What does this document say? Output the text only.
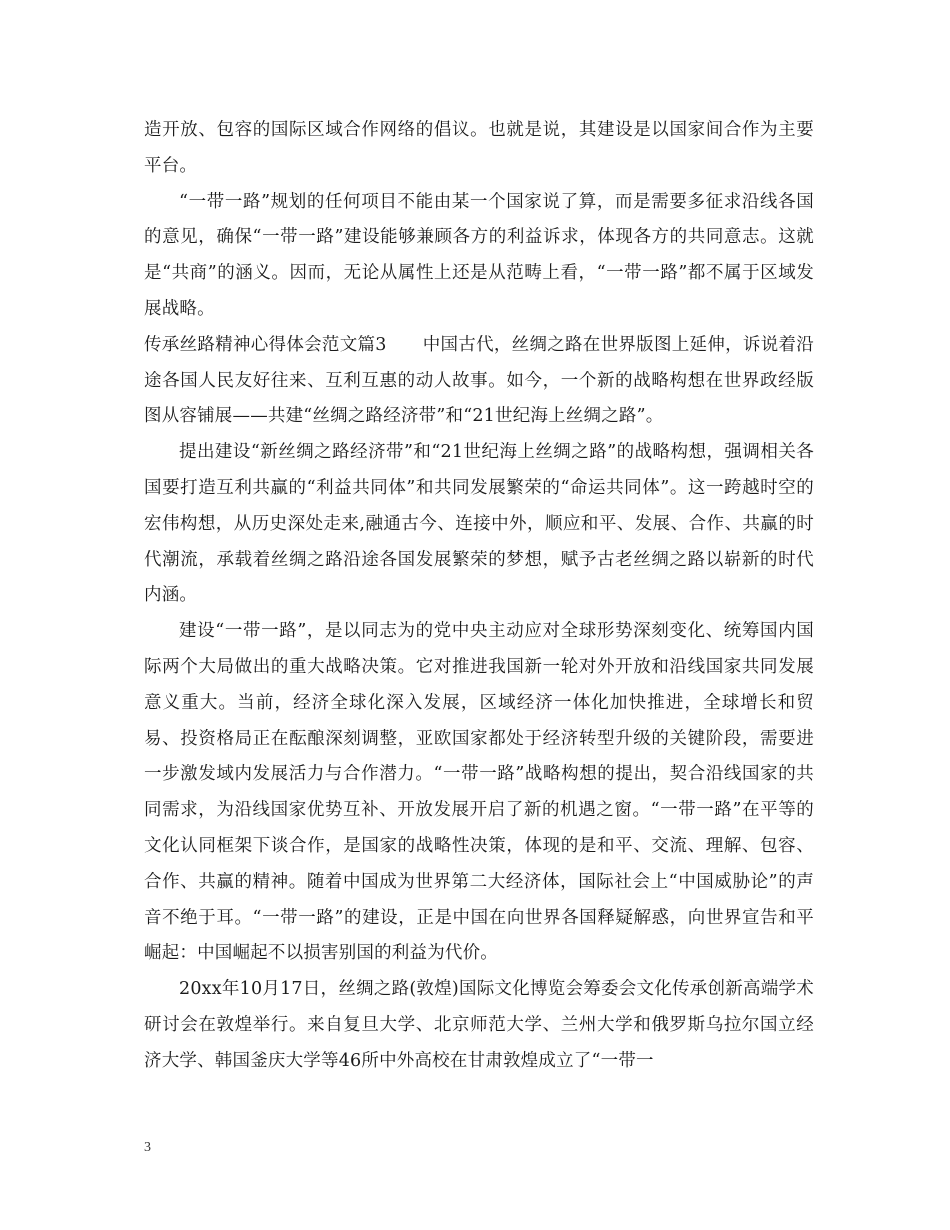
造开放、包容的国际区域合作网络的倡议。也就是说，其建设是以国家间合作为主要平台。

“一带一路”规划的任何项目不能由某一个国家说了算，而是需要多征求沿线各国的意见，确保“一带一路”建设能够兼顾各方的利益诉求，体现各方的共同意志。这就是“共商”的涵义。因而，无论从属性上还是从范畴上看，“一带一路”都不属于区域发展战略。

传承丝路精神心得体会范文篇3 中国古代，丝绸之路在世界版图上延伸，诉说着沿途各国人民友好往来、互利互惠的动人故事。如今，一个新的战略构想在世界政经版图从容铺展——共建“丝绸之路经济带”和“21世纪海上丝绸之路”。

提出建设“新丝绸之路经济带”和“21世纪海上丝绸之路”的战略构想，强调相关各国要打造互利共赢的“利益共同体”和共同发展繁荣的“命运共同体”。这一跨越时空的宏伟构想，从历史深处走来,融通古今、连接中外，顺应和平、发展、合作、共赢的时代潮流，承载着丝绸之路沿途各国发展繁荣的梦想，赋予古老丝绸之路以崭新的时代内涵。

建设“一带一路”，是以同志为的党中央主动应对全球形势深刻变化、统筹国内国际两个大局做出的重大战略决策。它对推进我国新一轮对外开放和沿线国家共同发展意义重大。当前，经济全球化深入发展，区域经济一体化加快推进，全球增长和贸易、投资格局正在酝酿深刻调整，亚欧国家都处于经济转型升级的关键阶段，需要进一步激发域内发展活力与合作潜力。“一带一路”战略构想的提出，契合沿线国家的共同需求，为沿线国家优势互补、开放发展开启了新的机遇之窗。“一带一路”在平等的文化认同框架下谈合作，是国家的战略性决策，体现的是和平、交流、理解、包容、合作、共赢的精神。随着中国成为世界第二大经济体，国际社会上“中国威胁论”的声音不绝于耳。“一带一路”的建设，正是中国在向世界各国释疑解惑，向世界宣告和平崛起：中国崛起不以损害别国的利益为代价。

20xx年10月17日，丝绸之路(敦煌)国际文化博览会筹委会文化传承创新高端学术研讨会在敦煌举行。来自复旦大学、北京师范大学、兰州大学和俄罗斯乌拉尔国立经济大学、韩国釜庆大学等46所中外高校在甘肃敦煌成立了“一带一

3
